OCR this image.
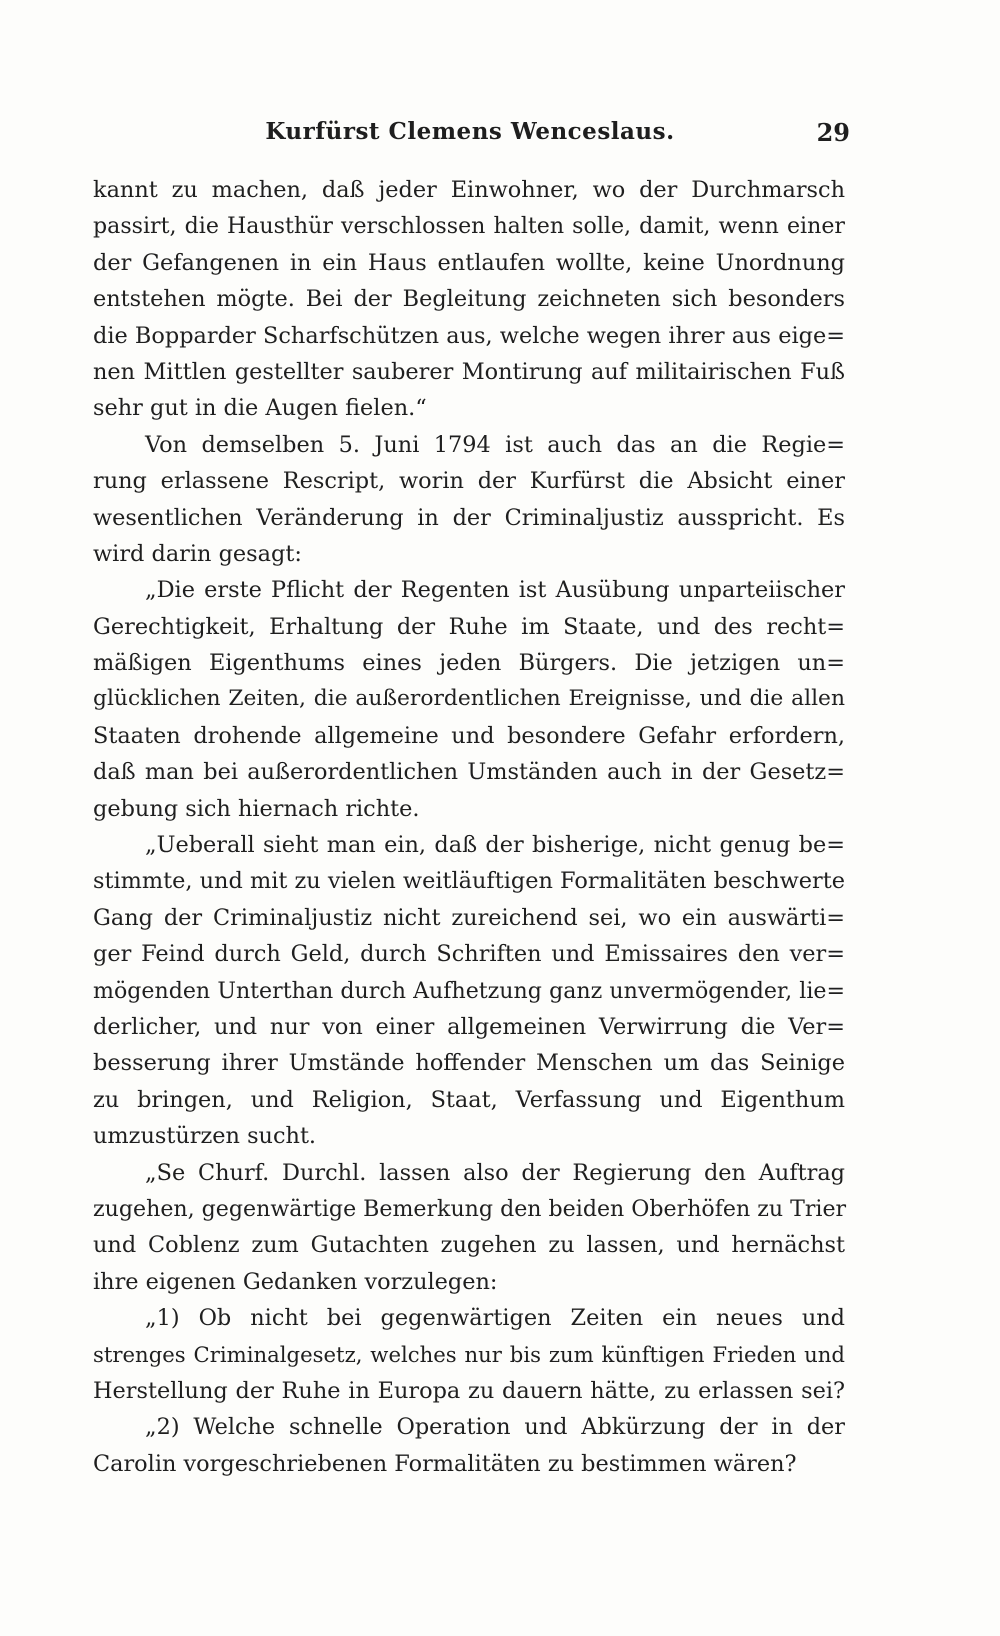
Kurfürst Clemens Wenceslaus.	29
kannt zu machen, daß jeder Einwohner, wo der Durchmarsch
passirt, die Hausthür verschlossen halten solle, damit, wenn einer
der Gefangenen in ein Haus entlaufen wollte, keine Unordnung
entstehen mögte. Bei der Begleitung zeichneten sich besonders
die Bopparder Scharfschützen aus, welche wegen ihrer aus eige=
nen Mittlen gestellter sauberer Montirung auf militairischen Fuß
sehr gut in die Augen fielen.“
Von demselben 5. Juni 1794 ist auch das an die Regie=
rung erlassene Rescript, worin der Kurfürst die Absicht einer
wesentlichen Veränderung in der Criminaljustiz ausspricht. Es
wird darin gesagt:
„Die erste Pflicht der Regenten ist Ausübung unparteiischer
Gerechtigkeit, Erhaltung der Ruhe im Staate, und des recht=
mäßigen Eigenthums eines jeden Bürgers. Die jetzigen un=
glücklichen Zeiten, die außerordentlichen Ereignisse, und die allen
Staaten drohende allgemeine und besondere Gefahr erfordern,
daß man bei außerordentlichen Umständen auch in der Gesetz=
gebung sich hiernach richte.
„Ueberall sieht man ein, daß der bisherige, nicht genug be=
stimmte, und mit zu vielen weitläuftigen Formalitäten beschwerte
Gang der Criminaljustiz nicht zureichend sei, wo ein auswärti=
ger Feind durch Geld, durch Schriften und Emissaires den ver=
mögenden Unterthan durch Aufhetzung ganz unvermögender, lie=
derlicher, und nur von einer allgemeinen Verwirrung die Ver=
besserung ihrer Umstände hoffender Menschen um das Seinige
zu bringen, und Religion, Staat, Verfassung und Eigenthum
umzustürzen sucht.
„Se Churf. Durchl. lassen also der Regierung den Auftrag
zugehen, gegenwärtige Bemerkung den beiden Oberhöfen zu Trier
und Coblenz zum Gutachten zugehen zu lassen, und hernächst
ihre eigenen Gedanken vorzulegen:
„1) Ob nicht bei gegenwärtigen Zeiten ein neues und
strenges Criminalgesetz, welches nur bis zum künftigen Frieden und
Herstellung der Ruhe in Europa zu dauern hätte, zu erlassen sei?
„2) Welche schnelle Operation und Abkürzung der in der
Carolin vorgeschriebenen Formalitäten zu bestimmen wären?
